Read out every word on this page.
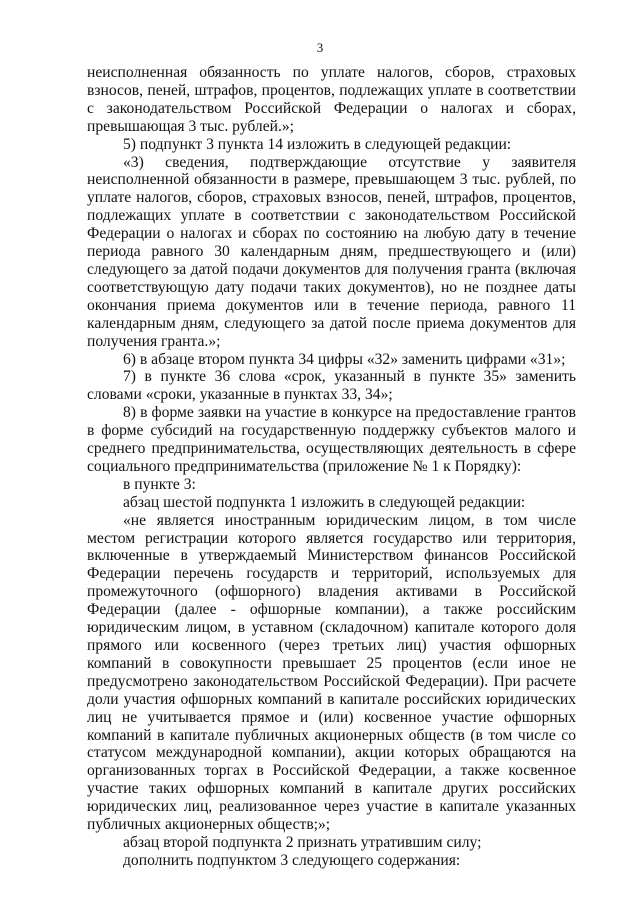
3

неисполненная обязанность по уплате налогов, сборов, страховых взносов, пеней, штрафов, процентов, подлежащих уплате в соответствии с законодательством Российской Федерации о налогах и сборах, превышающая 3 тыс. рублей.»;

5) подпункт 3 пункта 14 изложить в следующей редакции:

«3) сведения, подтверждающие отсутствие у заявителя неисполненной обязанности в размере, превышающем 3 тыс. рублей, по уплате налогов, сборов, страховых взносов, пеней, штрафов, процентов, подлежащих уплате в соответствии с законодательством Российской Федерации о налогах и сборах по состоянию на любую дату в течение периода равного 30 календарным дням, предшествующего и (или) следующего за датой подачи документов для получения гранта (включая соответствующую дату подачи таких документов), но не позднее даты окончания приема документов или в течение периода, равного 11 календарным дням, следующего за датой после приема документов для получения гранта.»;

6) в абзаце втором пункта 34 цифры «32» заменить цифрами «31»;

7) в пункте 36 слова «срок, указанный в пункте 35» заменить словами «сроки, указанные в пунктах 33, 34»;

8) в форме заявки на участие в конкурсе на предоставление грантов в форме субсидий на государственную поддержку субъектов малого и среднего предпринимательства, осуществляющих деятельность в сфере социального предпринимательства (приложение № 1 к Порядку):

в пункте 3:

абзац шестой подпункта 1 изложить в следующей редакции:

«не является иностранным юридическим лицом, в том числе местом регистрации которого является государство или территория, включенные в утверждаемый Министерством финансов Российской Федерации перечень государств и территорий, используемых для промежуточного (офшорного) владения активами в Российской Федерации (далее - офшорные компании), а также российским юридическим лицом, в уставном (складочном) капитале которого доля прямого или косвенного (через третьих лиц) участия офшорных компаний в совокупности превышает 25 процентов (если иное не предусмотрено законодательством Российской Федерации). При расчете доли участия офшорных компаний в капитале российских юридических лиц не учитывается прямое и (или) косвенное участие офшорных компаний в капитале публичных акционерных обществ (в том числе со статусом международной компании), акции которых обращаются на организованных торгах в Российской Федерации, а также косвенное участие таких офшорных компаний в капитале других российских юридических лиц, реализованное через участие в капитале указанных публичных акционерных обществ;»;

абзац второй подпункта 2 признать утратившим силу;

дополнить подпунктом 3 следующего содержания:
